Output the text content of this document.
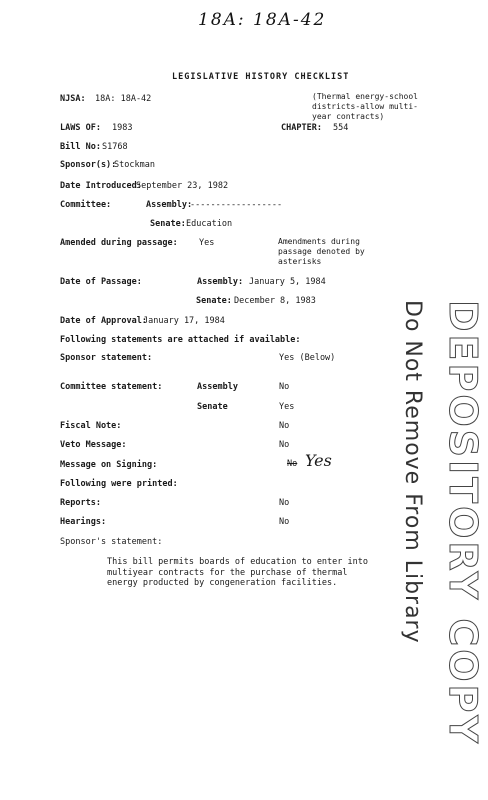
18A: 18A-42
LEGISLATIVE HISTORY CHECKLIST
NJSA: 18A: 18A-42	(Thermal energy-school districts-allow multi-year contracts)
LAWS OF: 1983	CHAPTER: 554
Bill No: S1768
Sponsor(s):
Stockman
Date Introduced:
September 23, 1982
Committee:	Assembly:
------------------
Senate: Education
Amended during passage:	Yes	Amendments during passage denoted by asterisks
Date of Passage:	Assembly: January 5, 1984
Senate: December 8, 1983
Date of Approval:
January 17, 1984
Following statements are attached if available:
Sponsor statement:	Yes (Below)
Committee statement:	Assembly	No
Senate	Yes
Fiscal Note:	No
Veto Message:	No
Message on Signing:	No Yes
Following were printed:
Reports:	No
Hearings:	No
Sponsor's statement:
This bill permits boards of education to enter into multiyear contracts for the purchase of thermal energy producted by congeneration facilities.	DEPOSITORY COPY
Do Not Remove From Library
